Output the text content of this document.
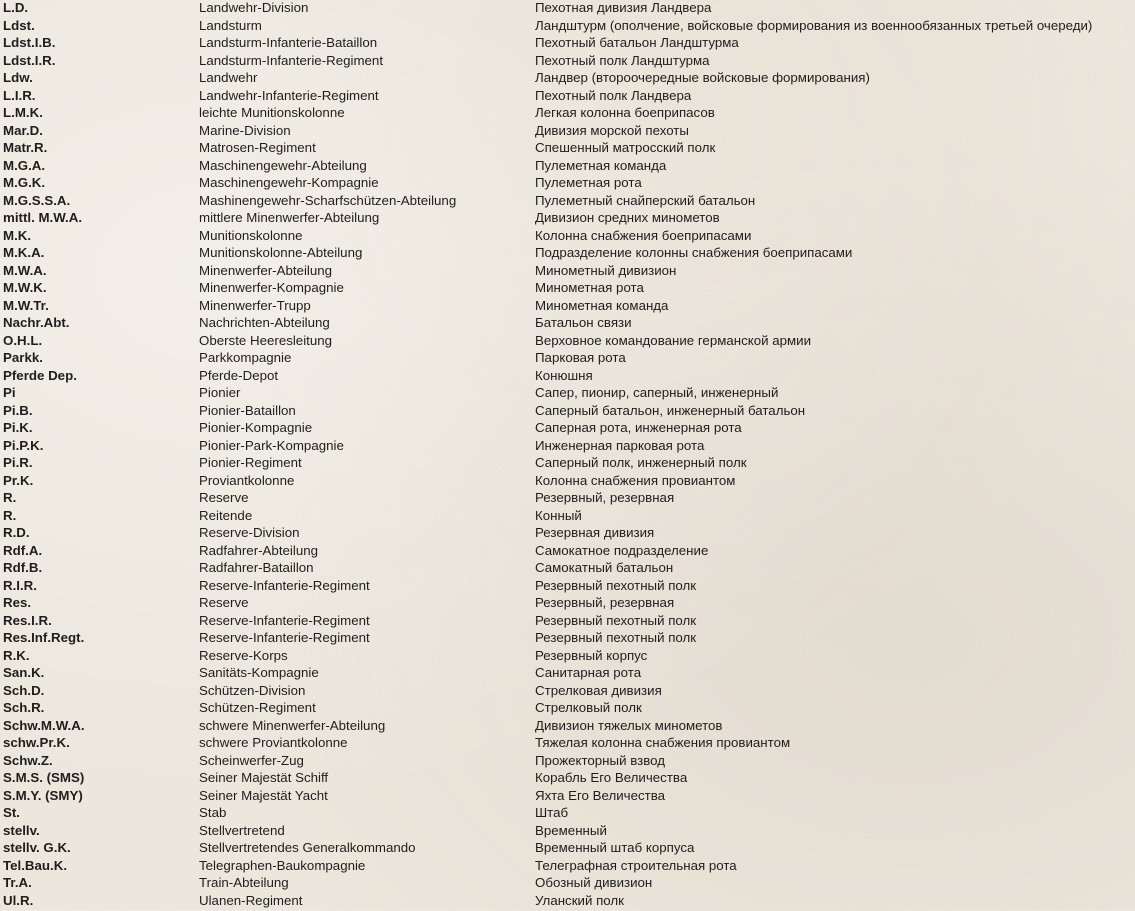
L.D.	Landwehr-Division	Пехотная дивизия Ландвера
Ldst.	Landsturm	Ландштурм (ополчение, войсковые формирования из военнообязанных третьей очереди)
Ldst.I.B.	Landsturm-Infanterie-Bataillon	Пехотный батальон Ландштурма
Ldst.I.R.	Landsturm-Infanterie-Regiment	Пехотный полк Ландштурма
Ldw.	Landwehr	Ландвер (второочередные войсковые формирования)
L.I.R.	Landwehr-Infanterie-Regiment	Пехотный полк Ландвера
L.M.K.	leichte Munitionskolonne	Легкая колонна боеприпасов
Mar.D.	Marine-Division	Дивизия морской пехоты
Matr.R.	Matrosen-Regiment	Спешенный матросский полк
M.G.A.	Maschinengewehr-Abteilung	Пулеметная команда
M.G.K.	Maschinengewehr-Kompagnie	Пулеметная рота
M.G.S.S.A.	Mashinengewehr-Scharfschützen-Abteilung	Пулеметный снайперский батальон
mittl. M.W.A.	mittlere Minenwerfer-Abteilung	Дивизион средних минометов
M.K.	Munitionskolonne	Колонна снабжения боеприпасами
M.K.A.	Munitionskolonne-Abteilung	Подразделение колонны снабжения боеприпасами
M.W.A.	Minenwerfer-Abteilung	Минометный дивизион
M.W.K.	Minenwerfer-Kompagnie	Минометная рота
M.W.Tr.	Minenwerfer-Trupp	Минометная команда
Nachr.Abt.	Nachrichten-Abteilung	Батальон связи
O.H.L.	Oberste Heeresleitung	Верховное командование германской армии
Parkk.	Parkkompagnie	Парковая рота
Pferde Dep.	Pferde-Depot	Конюшня
Pi	Pionier	Сапер, пионир, саперный, инженерный
Pi.B.	Pionier-Bataillon	Саперный батальон, инженерный батальон
Pi.K.	Pionier-Kompagnie	Саперная рота, инженерная рота
Pi.P.K.	Pionier-Park-Kompagnie	Инженерная парковая рота
Pi.R.	Pionier-Regiment	Саперный полк, инженерный полк
Pr.K.	Proviantkolonne	Колонна снабжения провиантом
R.	Reserve	Резервный, резервная
R.	Reitende	Конный
R.D.	Reserve-Division	Резервная дивизия
Rdf.A.	Radfahrer-Abteilung	Самокатное подразделение
Rdf.B.	Radfahrer-Bataillon	Самокатный батальон
R.I.R.	Reserve-Infanterie-Regiment	Резервный пехотный полк
Res.	Reserve	Резервный, резервная
Res.I.R.	Reserve-Infanterie-Regiment	Резервный пехотный полк
Res.Inf.Regt.	Reserve-Infanterie-Regiment	Резервный пехотный полк
R.K.	Reserve-Korps	Резервный корпус
San.K.	Sanitäts-Kompagnie	Санитарная рота
Sch.D.	Schützen-Division	Стрелковая дивизия
Sch.R.	Schützen-Regiment	Стрелковый полк
Schw.M.W.A.	schwere Minenwerfer-Abteilung	Дивизион тяжелых минометов
schw.Pr.K.	schwere Proviantkolonne	Тяжелая колонна снабжения провиантом
Schw.Z.	Scheinwerfer-Zug	Прожекторный взвод
S.M.S. (SMS)	Seiner Majestät Schiff	Корабль Его Величества
S.M.Y. (SMY)	Seiner Majestät Yacht	Яхта Его Величества
St.	Stab	Штаб
stellv.	Stellvertretend	Временный
stellv. G.K.	Stellvertretendes Generalkommando	Временный штаб корпуса
Tel.Bau.K.	Telegraphen-Baukompagnie	Телеграфная строительная рота
Tr.A.	Train-Abteilung	Обозный дивизион
Ul.R.	Ulanen-Regiment	Уланский полк
